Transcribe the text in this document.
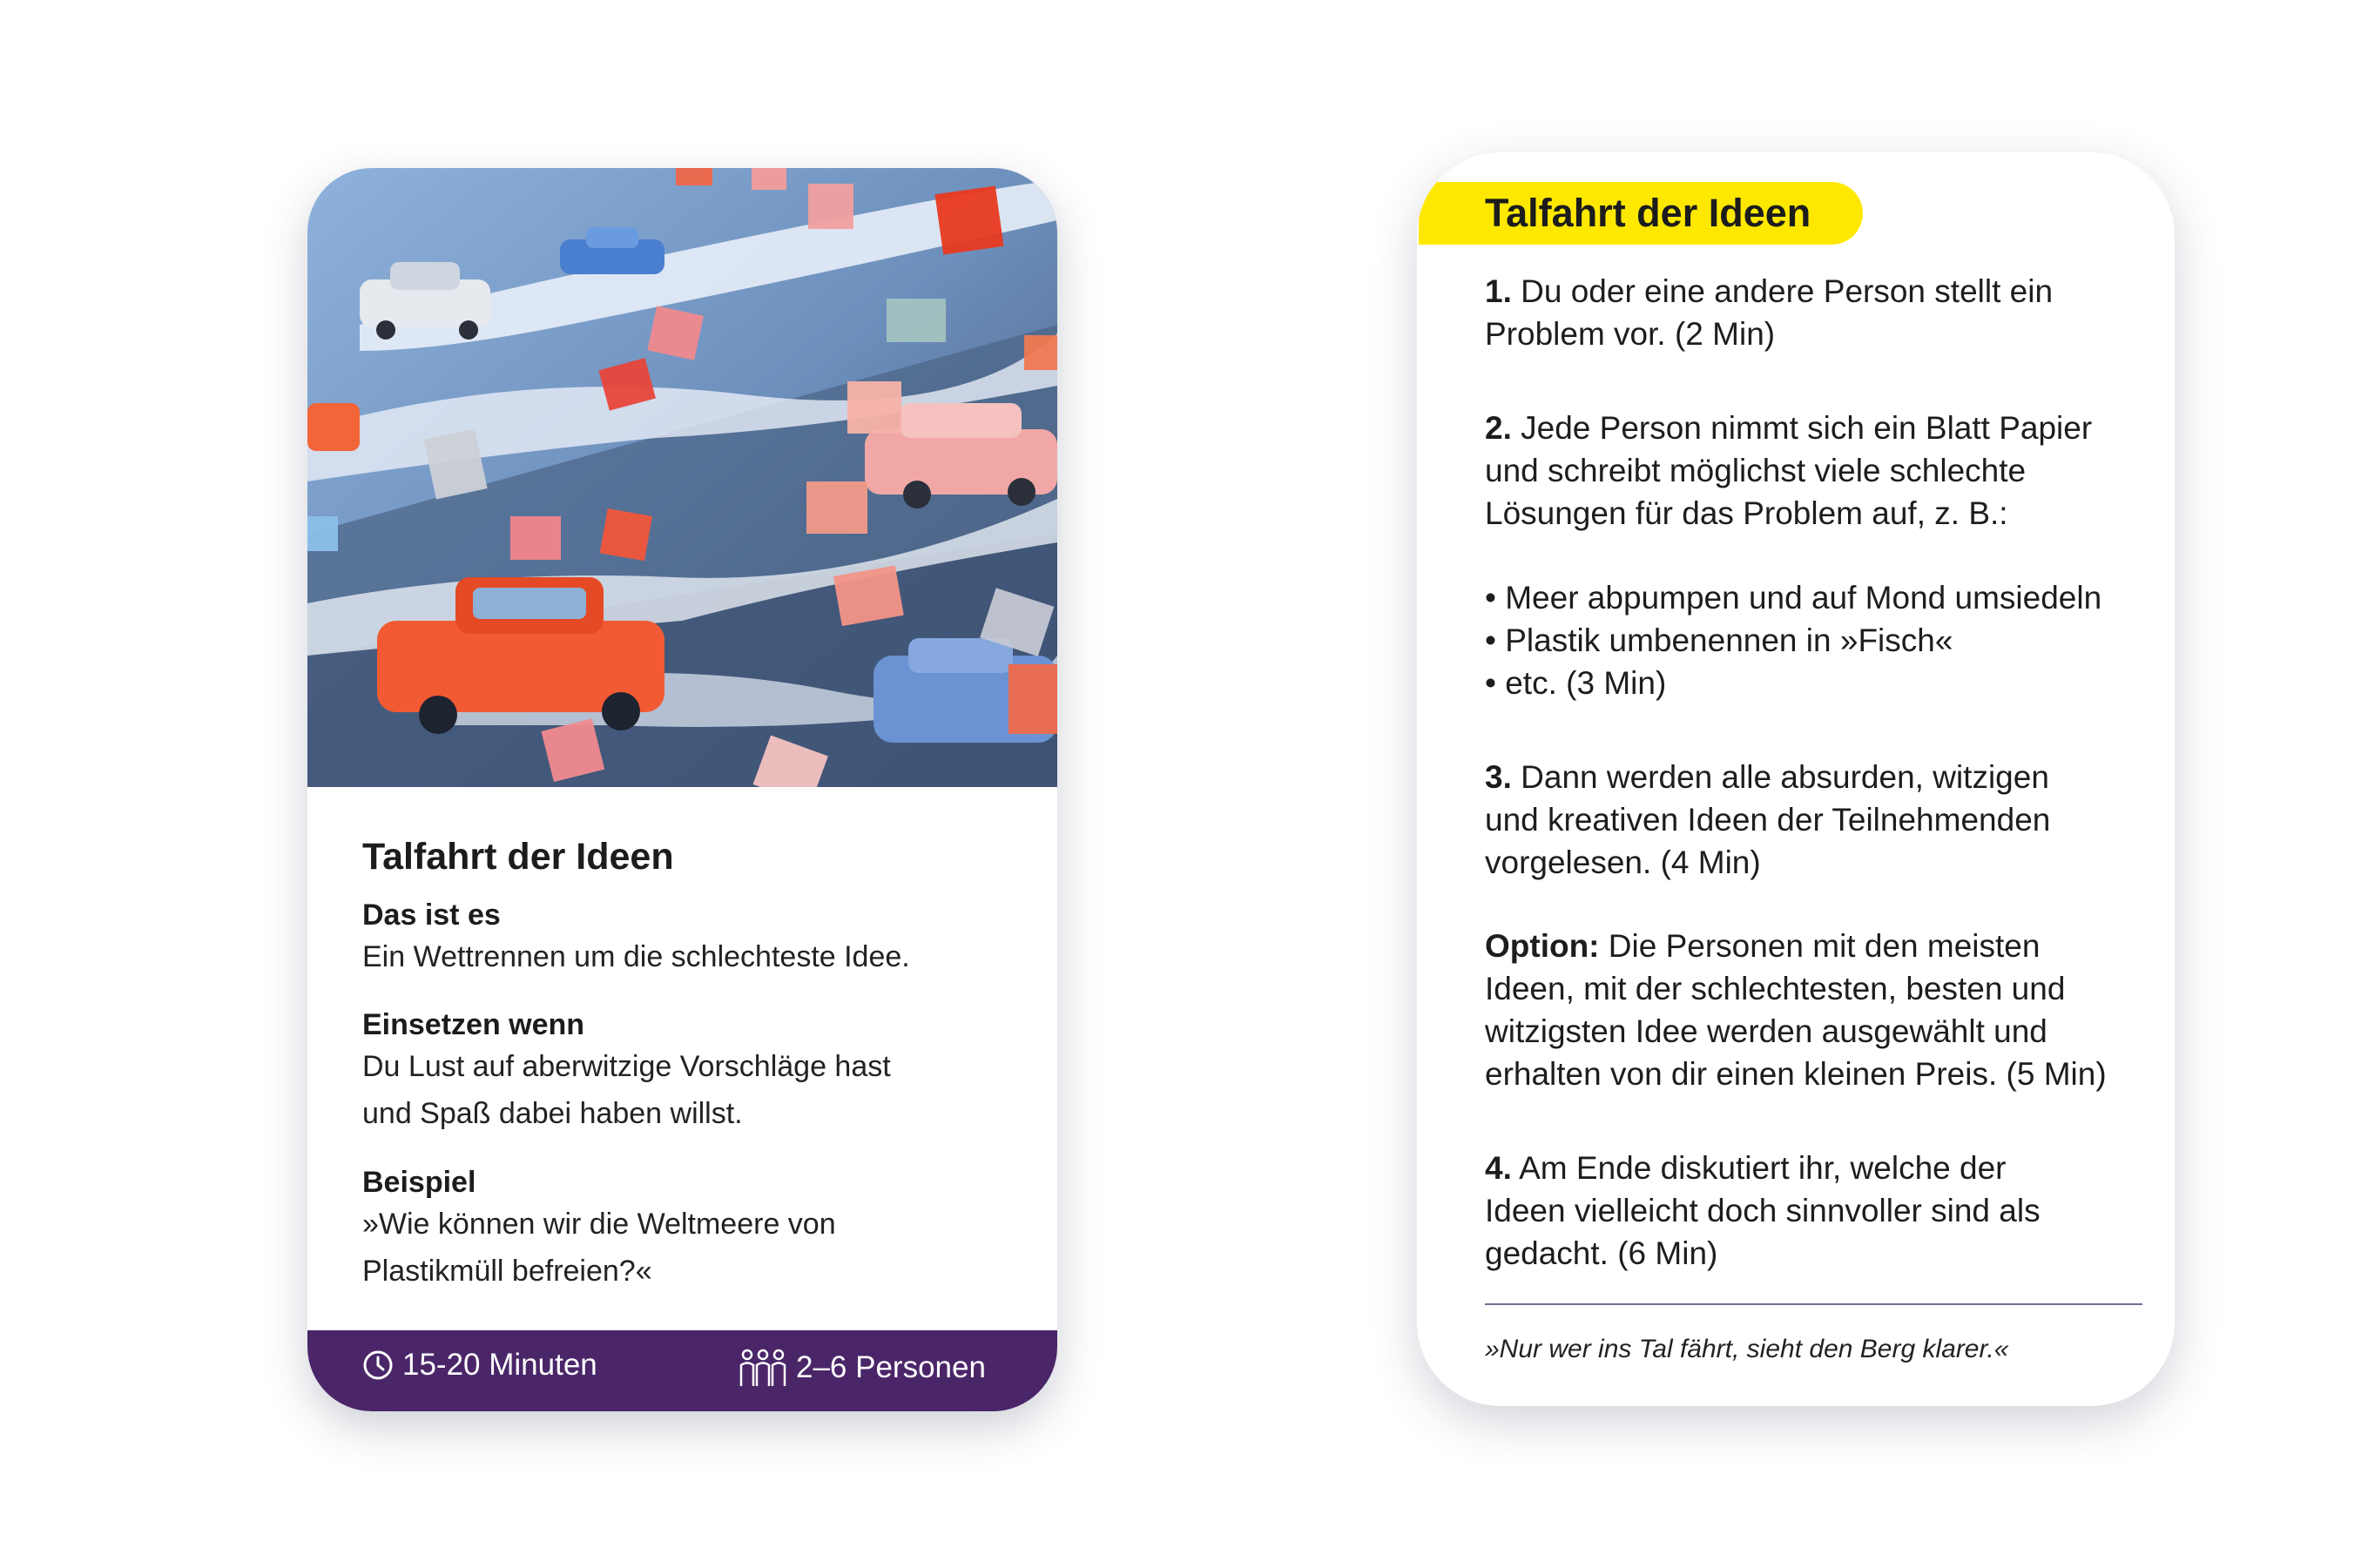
Talfahrt der Ideen
Das ist es
Ein Wettrennen um die schlechteste Idee.
Einsetzen wenn
Du Lust auf aberwitzige Vorschläge hast
und Spaß dabei haben willst.
Beispiel
»Wie können wir die Weltmeere von
Plastikmüll befreien?«
15-20 Minuten	2–6 Personen
Talfahrt der Ideen
1. Du oder eine andere Person stellt ein
Problem vor. (2 Min)
2. Jede Person nimmt sich ein Blatt Papier
und schreibt möglichst viele schlechte
Lösungen für das Problem auf, z. B.:
• Meer abpumpen und auf Mond umsiedeln
• Plastik umbenennen in »Fisch«
• etc. (3 Min)
3. Dann werden alle absurden, witzigen
und kreativen Ideen der Teilnehmenden
vorgelesen. (4 Min)
Option: Die Personen mit den meisten
Ideen, mit der schlechtesten, besten und
witzigsten Idee werden ausgewählt und
erhalten von dir einen kleinen Preis. (5 Min)
4. Am Ende diskutiert ihr, welche der
Ideen vielleicht doch sinnvoller sind als
gedacht. (6 Min)
»Nur wer ins Tal fährt, sieht den Berg klarer.«
